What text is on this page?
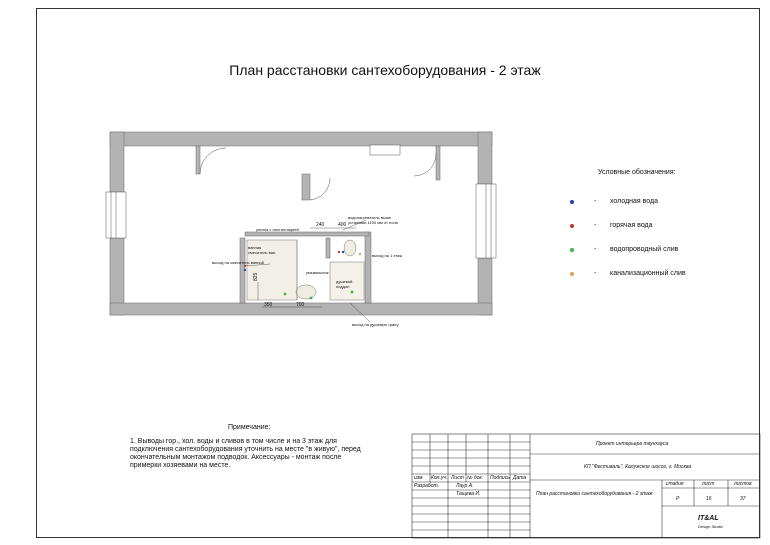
План расстановки сантехоборудования - 2 этаж
240	400
825
350	700
унитаз с инсталляцией
водонагреватель выше установки 1100 мм от пола
выход на 1 этаж
ванная
смеситель ван.
умывальник
душевой поддон
выход на смеситель ванной
выход на душевую трапу
Условные обозначения:
- холодная вода
- горячая вода
- водопроводный слив
- канализационный слив
Примечание:
1. Выводы гор., хол. воды и сливов в том числе и на 3 этаж для подключения сантехоборудования уточнить на месте "в живую", перед окончательным монтажом подводок. Аксессуары - монтаж после примерки хозяевами на месте.
Проект интерьера таунхауса
КП "Фестиваль", Калужское шоссе, г. Москва
изм. Кол.уч. Лист № док. Подпись Дата
Разработ.	Лаур А.
Тащева И.	План расстановки сантехоборудования - 2 этаж
стадия	лист	листов
Р	16	37
IT&AL
Design Studio
